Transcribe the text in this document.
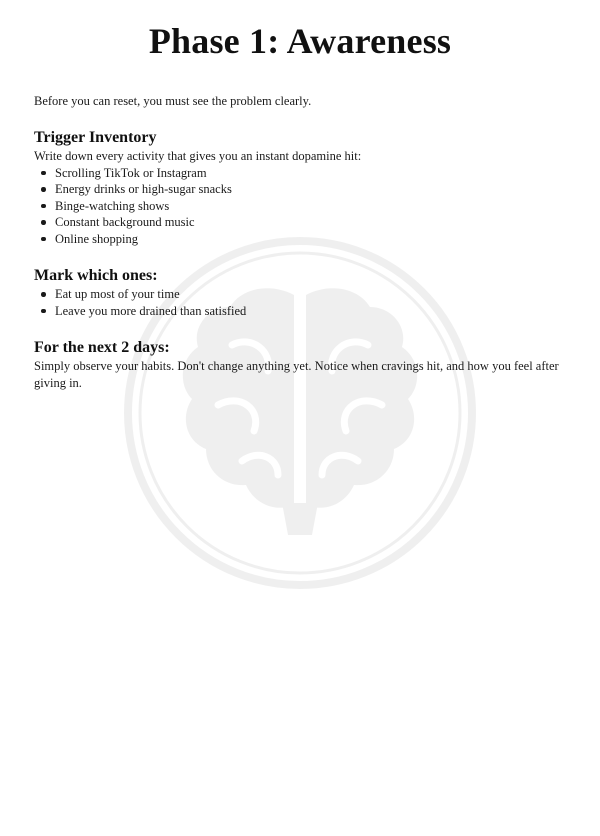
Phase 1: Awareness

Before you can reset, you must see the problem clearly.

Trigger Inventory

Write down every activity that gives you an instant dopamine hit:

Scrolling TikTok or Instagram
Energy drinks or high-sugar snacks
Binge-watching shows
Constant background music
Online shopping
Mark which ones:
Eat up most of your time
Leave you more drained than satisfied
For the next 2 days:

Simply observe your habits. Don't change anything yet. Notice when cravings hit, and how you feel after giving in.
